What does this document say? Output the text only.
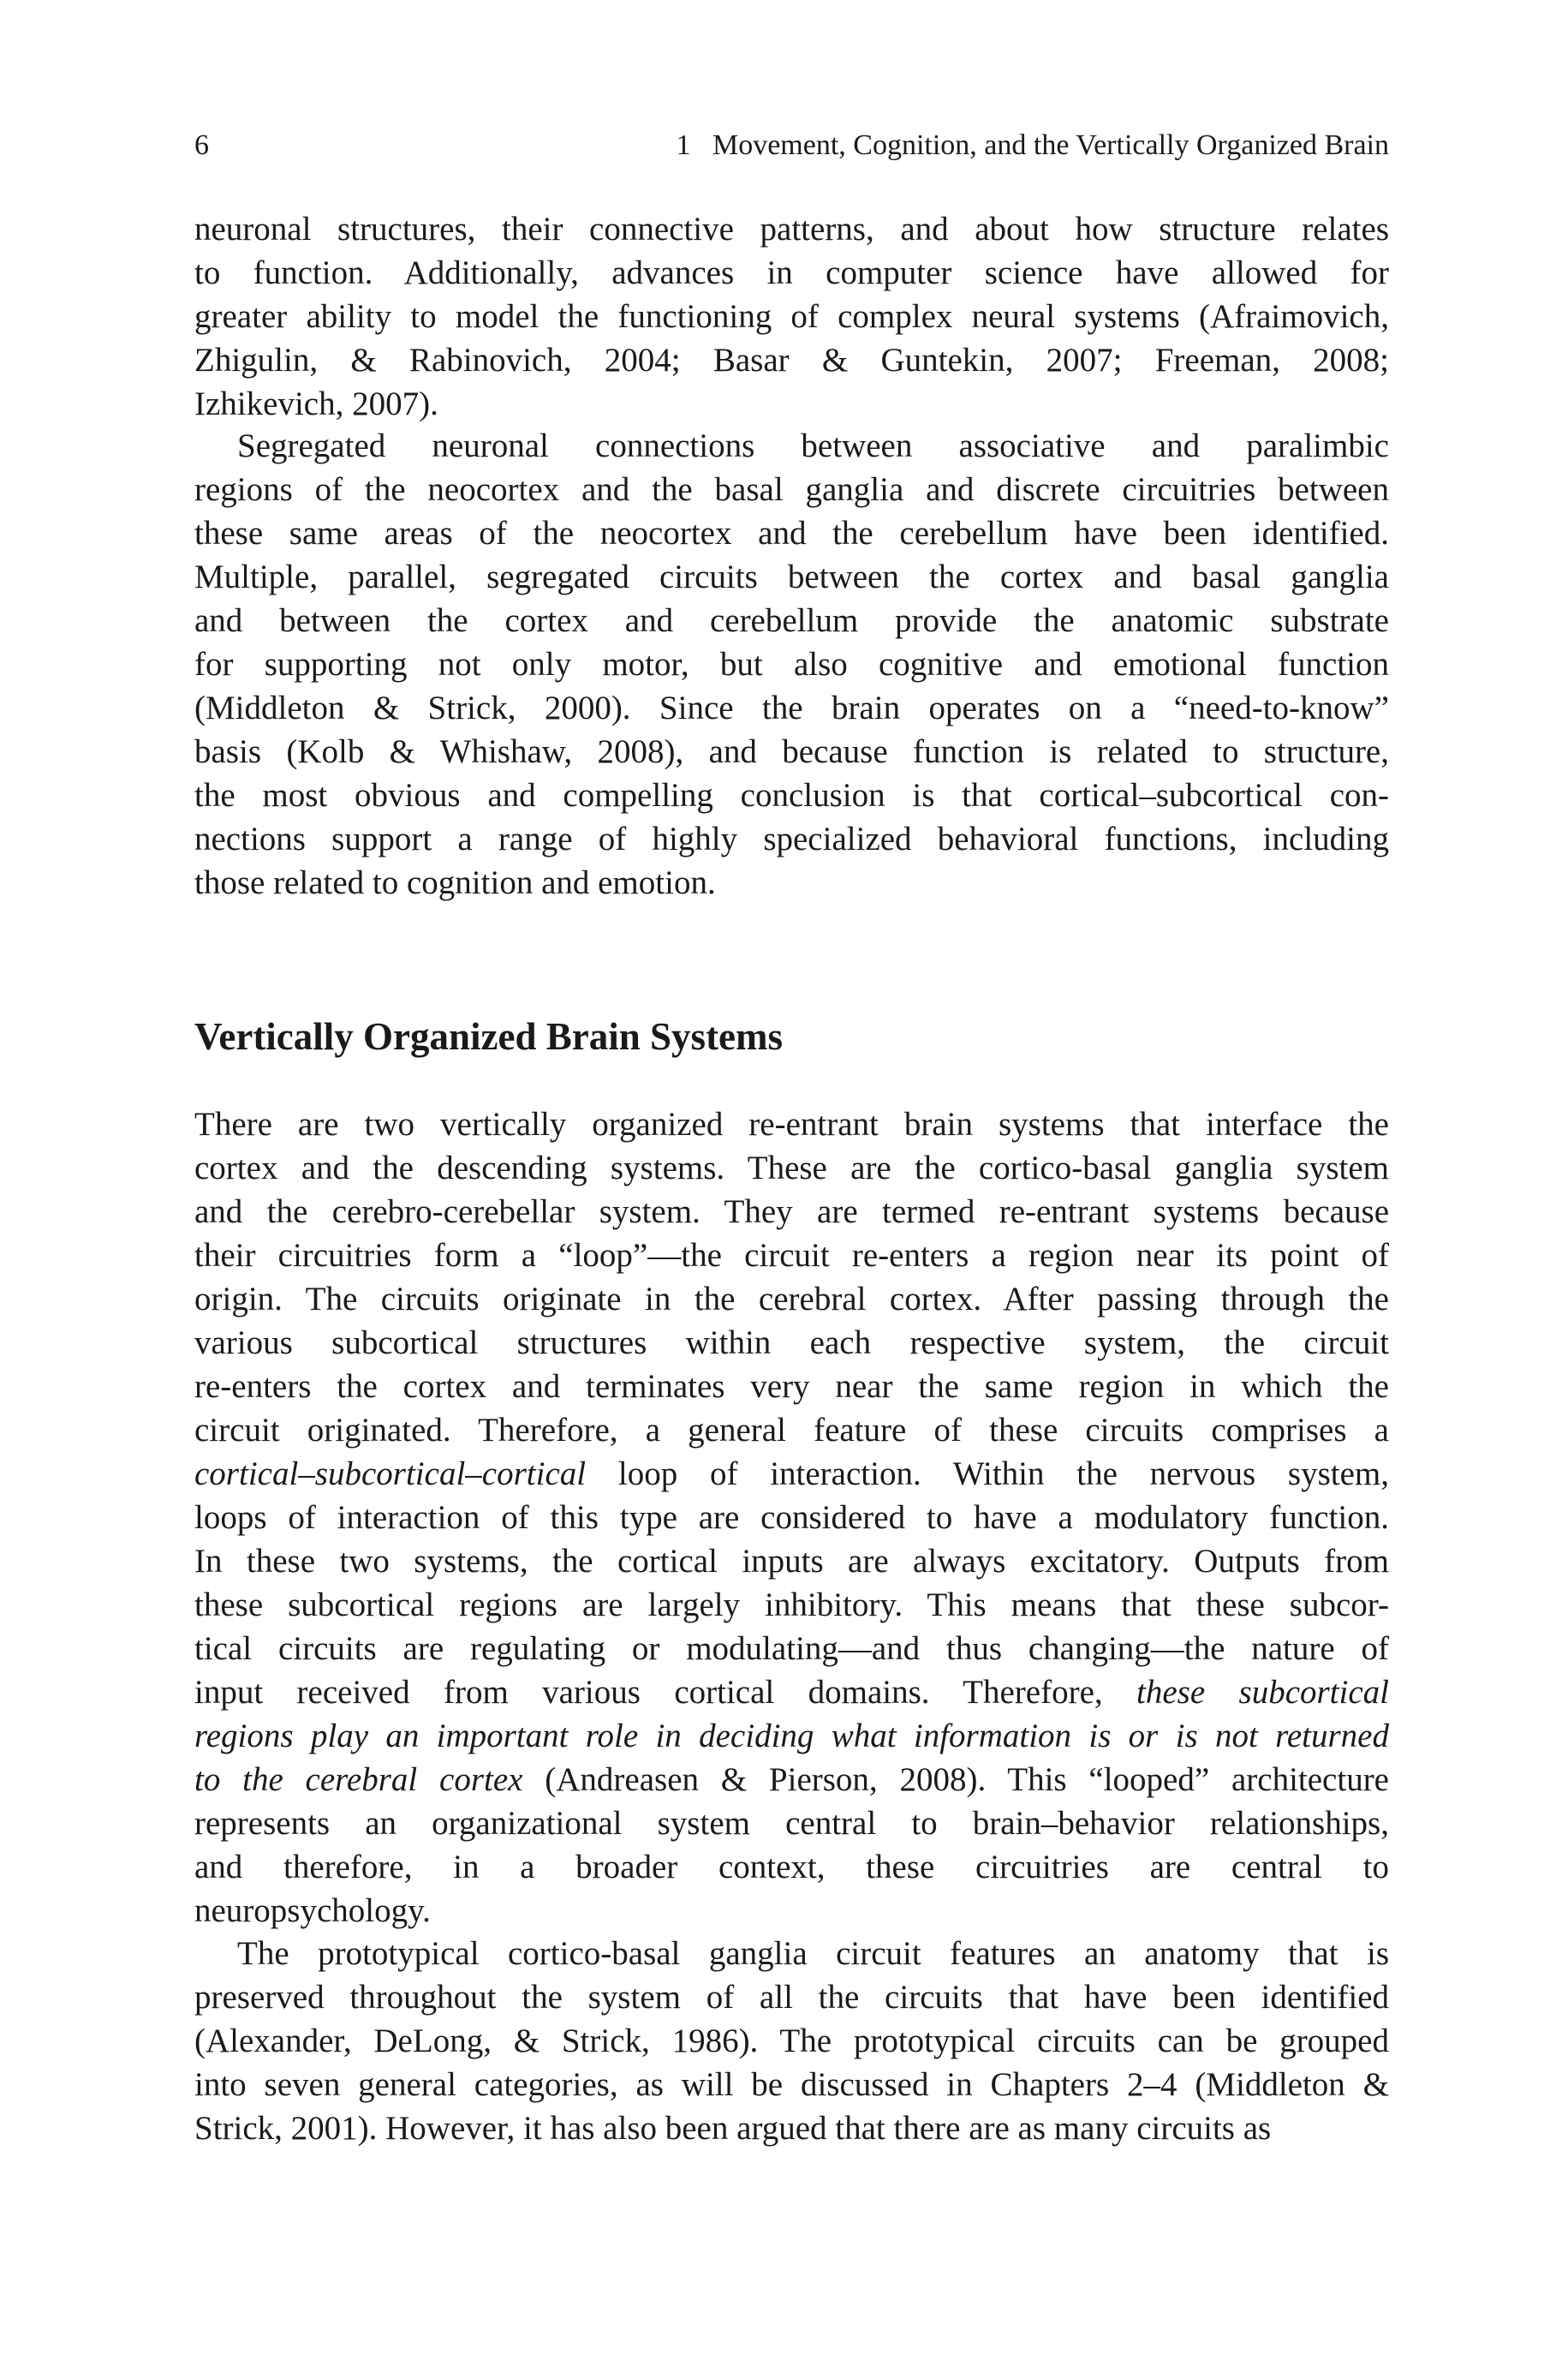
6	1   Movement, Cognition, and the Vertically Organized Brain
neuronal structures, their connective patterns, and about how structure relates
to function. Additionally, advances in computer science have allowed for
greater ability to model the functioning of complex neural systems (Afraimovich,
Zhigulin, & Rabinovich, 2004; Basar & Guntekin, 2007; Freeman, 2008;
Izhikevich, 2007).
Segregated neuronal connections between associative and paralimbic
regions of the neocortex and the basal ganglia and discrete circuitries between
these same areas of the neocortex and the cerebellum have been identified.
Multiple, parallel, segregated circuits between the cortex and basal ganglia
and between the cortex and cerebellum provide the anatomic substrate
for supporting not only motor, but also cognitive and emotional function
(Middleton & Strick, 2000). Since the brain operates on a “need-to-know”
basis (Kolb & Whishaw, 2008), and because function is related to structure,
the most obvious and compelling conclusion is that cortical–subcortical con-
nections support a range of highly specialized behavioral functions, including
those related to cognition and emotion.
Vertically Organized Brain Systems
There are two vertically organized re-entrant brain systems that interface the
cortex and the descending systems. These are the cortico-basal ganglia system
and the cerebro-cerebellar system. They are termed re-entrant systems because
their circuitries form a “loop”—the circuit re-enters a region near its point of
origin. The circuits originate in the cerebral cortex. After passing through the
various subcortical structures within each respective system, the circuit
re-enters the cortex and terminates very near the same region in which the
circuit originated. Therefore, a general feature of these circuits comprises a
cortical–subcortical–cortical loop of interaction. Within the nervous system,
loops of interaction of this type are considered to have a modulatory function.
In these two systems, the cortical inputs are always excitatory. Outputs from
these subcortical regions are largely inhibitory. This means that these subcor-
tical circuits are regulating or modulating—and thus changing—the nature of
input received from various cortical domains. Therefore, these subcortical
regions play an important role in deciding what information is or is not returned
to the cerebral cortex (Andreasen & Pierson, 2008). This “looped” architecture
represents an organizational system central to brain–behavior relationships,
and therefore, in a broader context, these circuitries are central to
neuropsychology.
The prototypical cortico-basal ganglia circuit features an anatomy that is
preserved throughout the system of all the circuits that have been identified
(Alexander, DeLong, & Strick, 1986). The prototypical circuits can be grouped
into seven general categories, as will be discussed in Chapters 2–4 (Middleton &
Strick, 2001). However, it has also been argued that there are as many circuits as
